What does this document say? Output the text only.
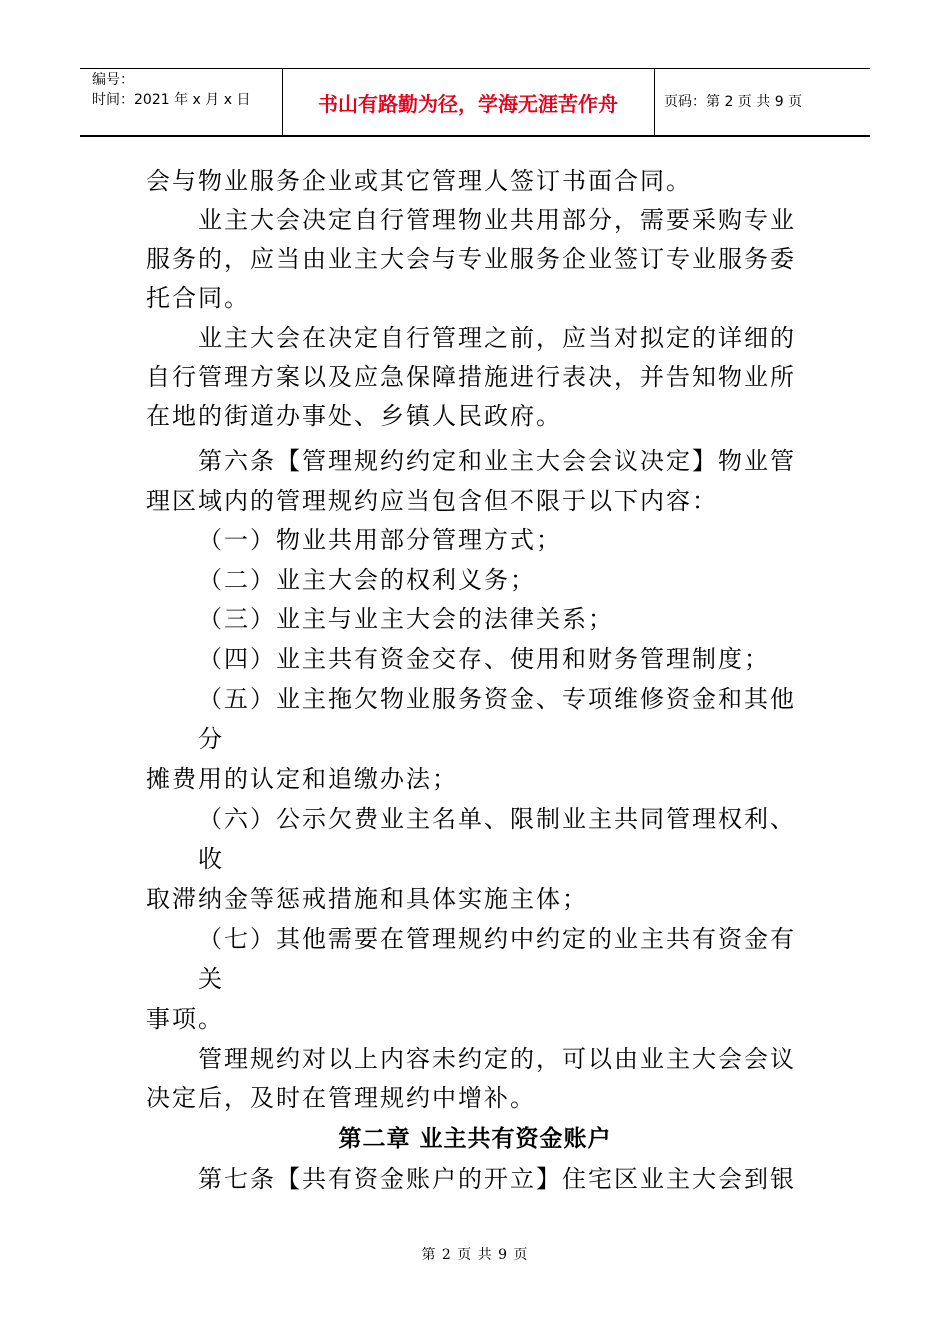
编号：
时间：2021 年 x 月 x 日	书山有路勤为径，学海无涯苦作舟	页码：第 2 页 共 9 页
会与物业服务企业或其它管理人签订书面合同。
业主大会决定自行管理物业共用部分，需要采购专业
服务的，应当由业主大会与专业服务企业签订专业服务委
托合同。
业主大会在决定自行管理之前，应当对拟定的详细的
自行管理方案以及应急保障措施进行表决，并告知物业所
在地的街道办事处、乡镇人民政府。
第六条【管理规约约定和业主大会会议决定】物业管
理区域内的管理规约应当包含但不限于以下内容：
（一）物业共用部分管理方式；
（二）业主大会的权利义务；
（三）业主与业主大会的法律关系；
（四）业主共有资金交存、使用和财务管理制度；
（五）业主拖欠物业服务资金、专项维修资金和其他
分
摊费用的认定和追缴办法；
（六）公示欠费业主名单、限制业主共同管理权利、
收
取滞纳金等惩戒措施和具体实施主体；
（七）其他需要在管理规约中约定的业主共有资金有
关
事项。
管理规约对以上内容未约定的，可以由业主大会会议
决定后，及时在管理规约中增补。
第二章 业主共有资金账户
第七条【共有资金账户的开立】住宅区业主大会到银
第 2 页 共 9 页
